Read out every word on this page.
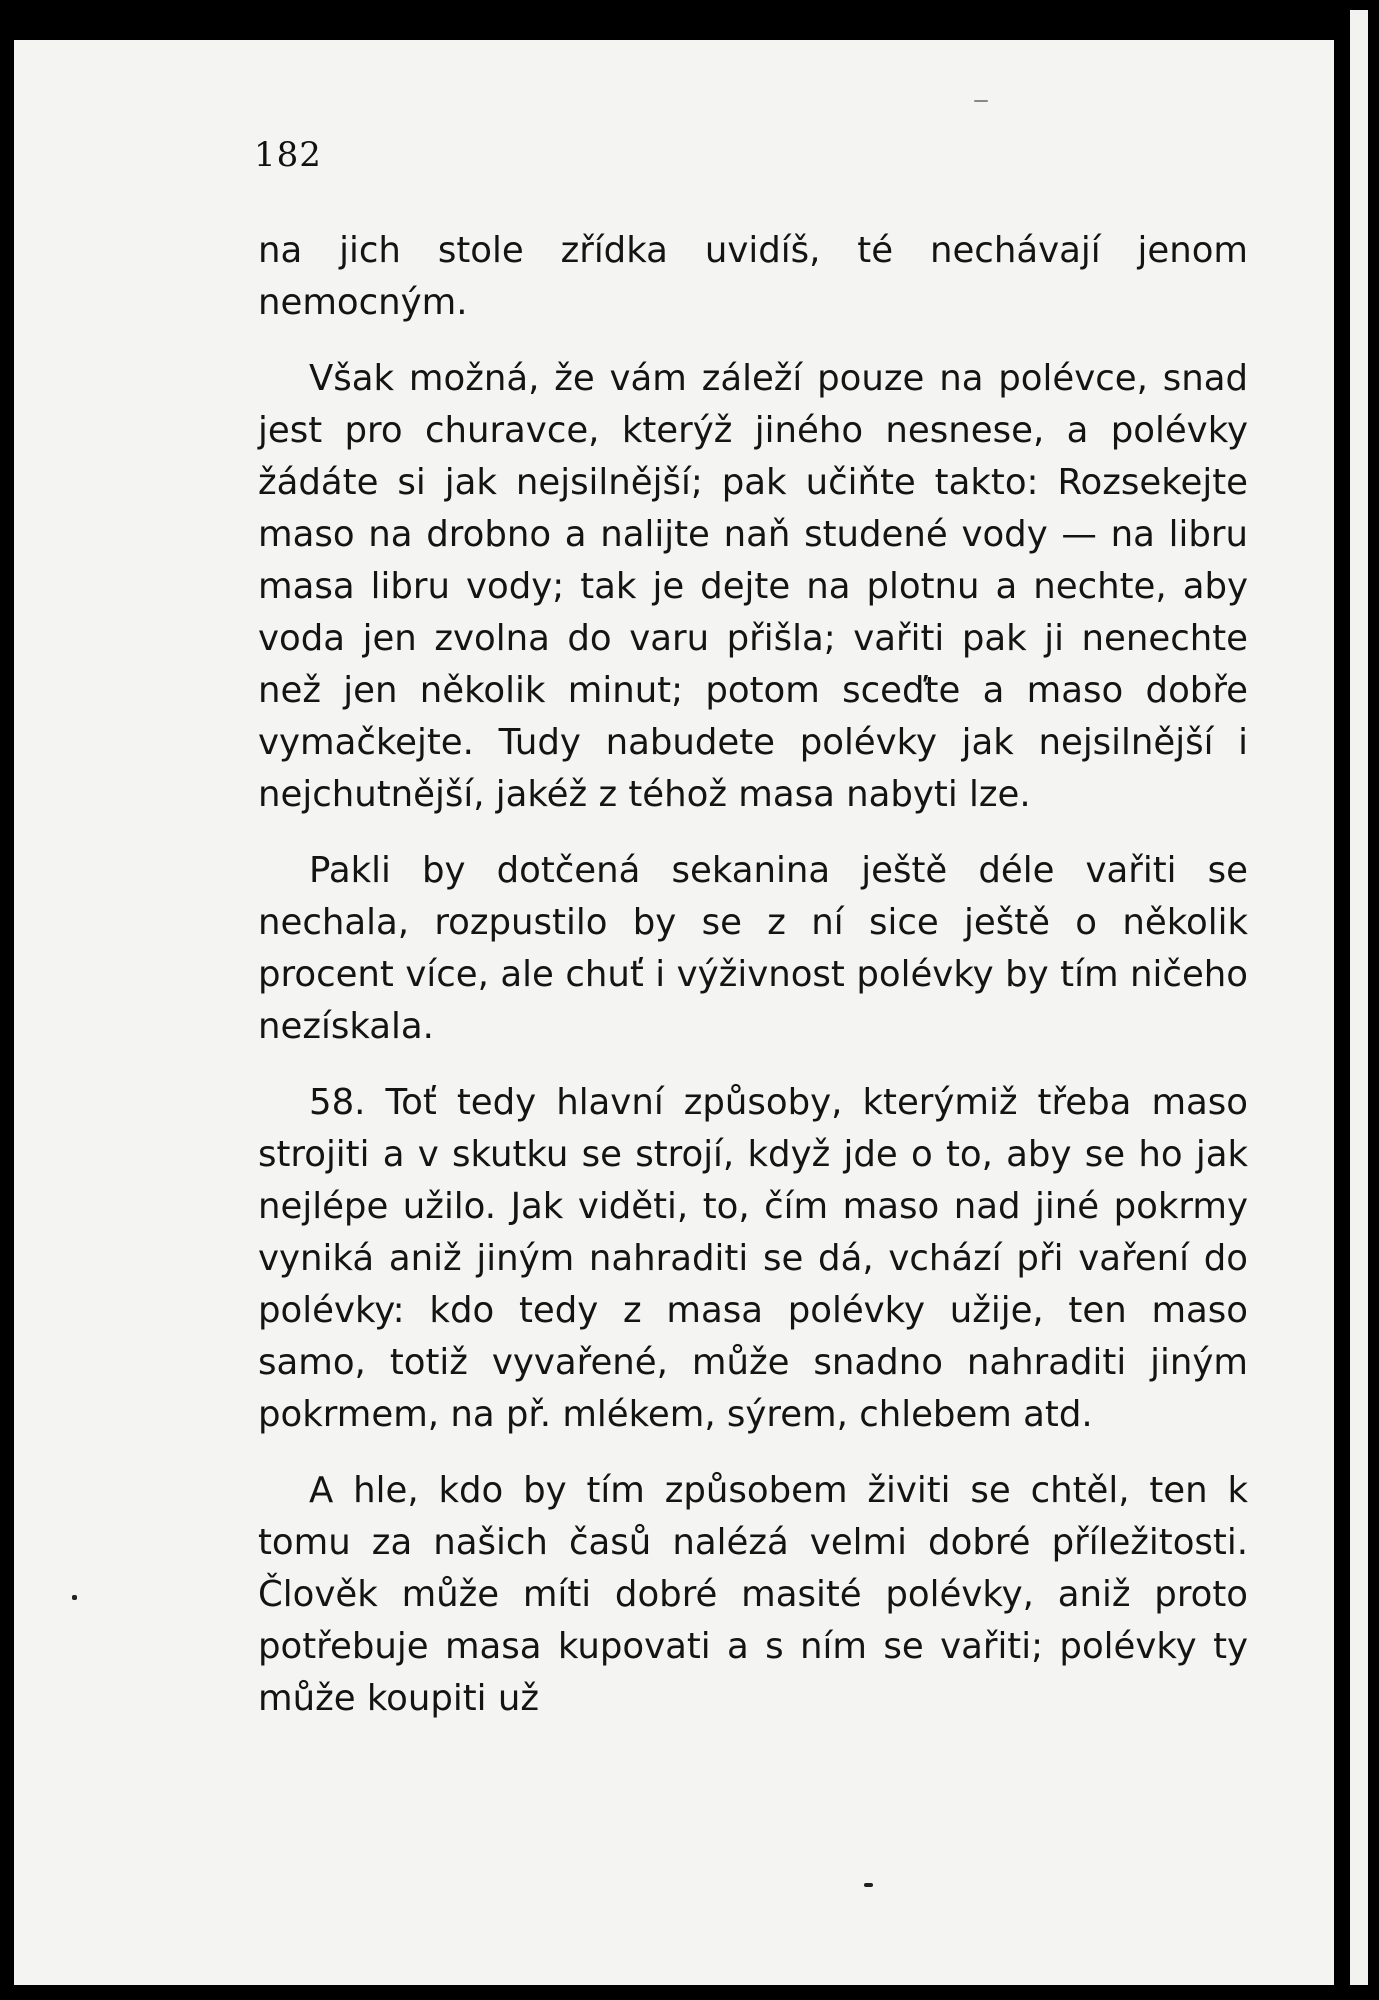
182

na jich stole zřídka uvidíš, té nechávají jenom nemocným.

Však možná, že vám záleží pouze na polévce, snad jest pro churavce, kterýž jiného nesnese, a polévky žádáte si jak nejsilnější; pak učiňte takto: Rozsekejte maso na drobno a nalijte naň studené vody — na libru masa libru vody; tak je dejte na plotnu a nechte, aby voda jen zvolna do varu přišla; vařiti pak ji nenechte než jen několik minut; potom sceďte a maso dobře vymačkejte. Tudy nabudete polévky jak nejsilnější i nejchutnější, jakéž z téhož masa nabyti lze.

Pakli by dotčená sekanina ještě déle vařiti se nechala, rozpustilo by se z ní sice ještě o několik procent více, ale chuť i výživnost polévky by tím ničeho nezískala.

58. Toť tedy hlavní způsoby, kterýmiž třeba maso strojiti a v skutku se strojí, když jde o to, aby se ho jak nejlépe užilo. Jak viděti, to, čím maso nad jiné pokrmy vyniká aniž jiným nahraditi se dá, vchází při vaření do polévky: kdo tedy z masa polévky užije, ten maso samo, totiž vyvařené, může snadno nahraditi jiným pokrmem, na př. mlékem, sýrem, chlebem atd.

A hle, kdo by tím způsobem živiti se chtěl, ten k tomu za našich časů nalézá velmi dobré příležitosti. Člověk může míti dobré masité polévky, aniž proto potřebuje masa kupovati a s ním se vařiti; polévky ty může koupiti už
